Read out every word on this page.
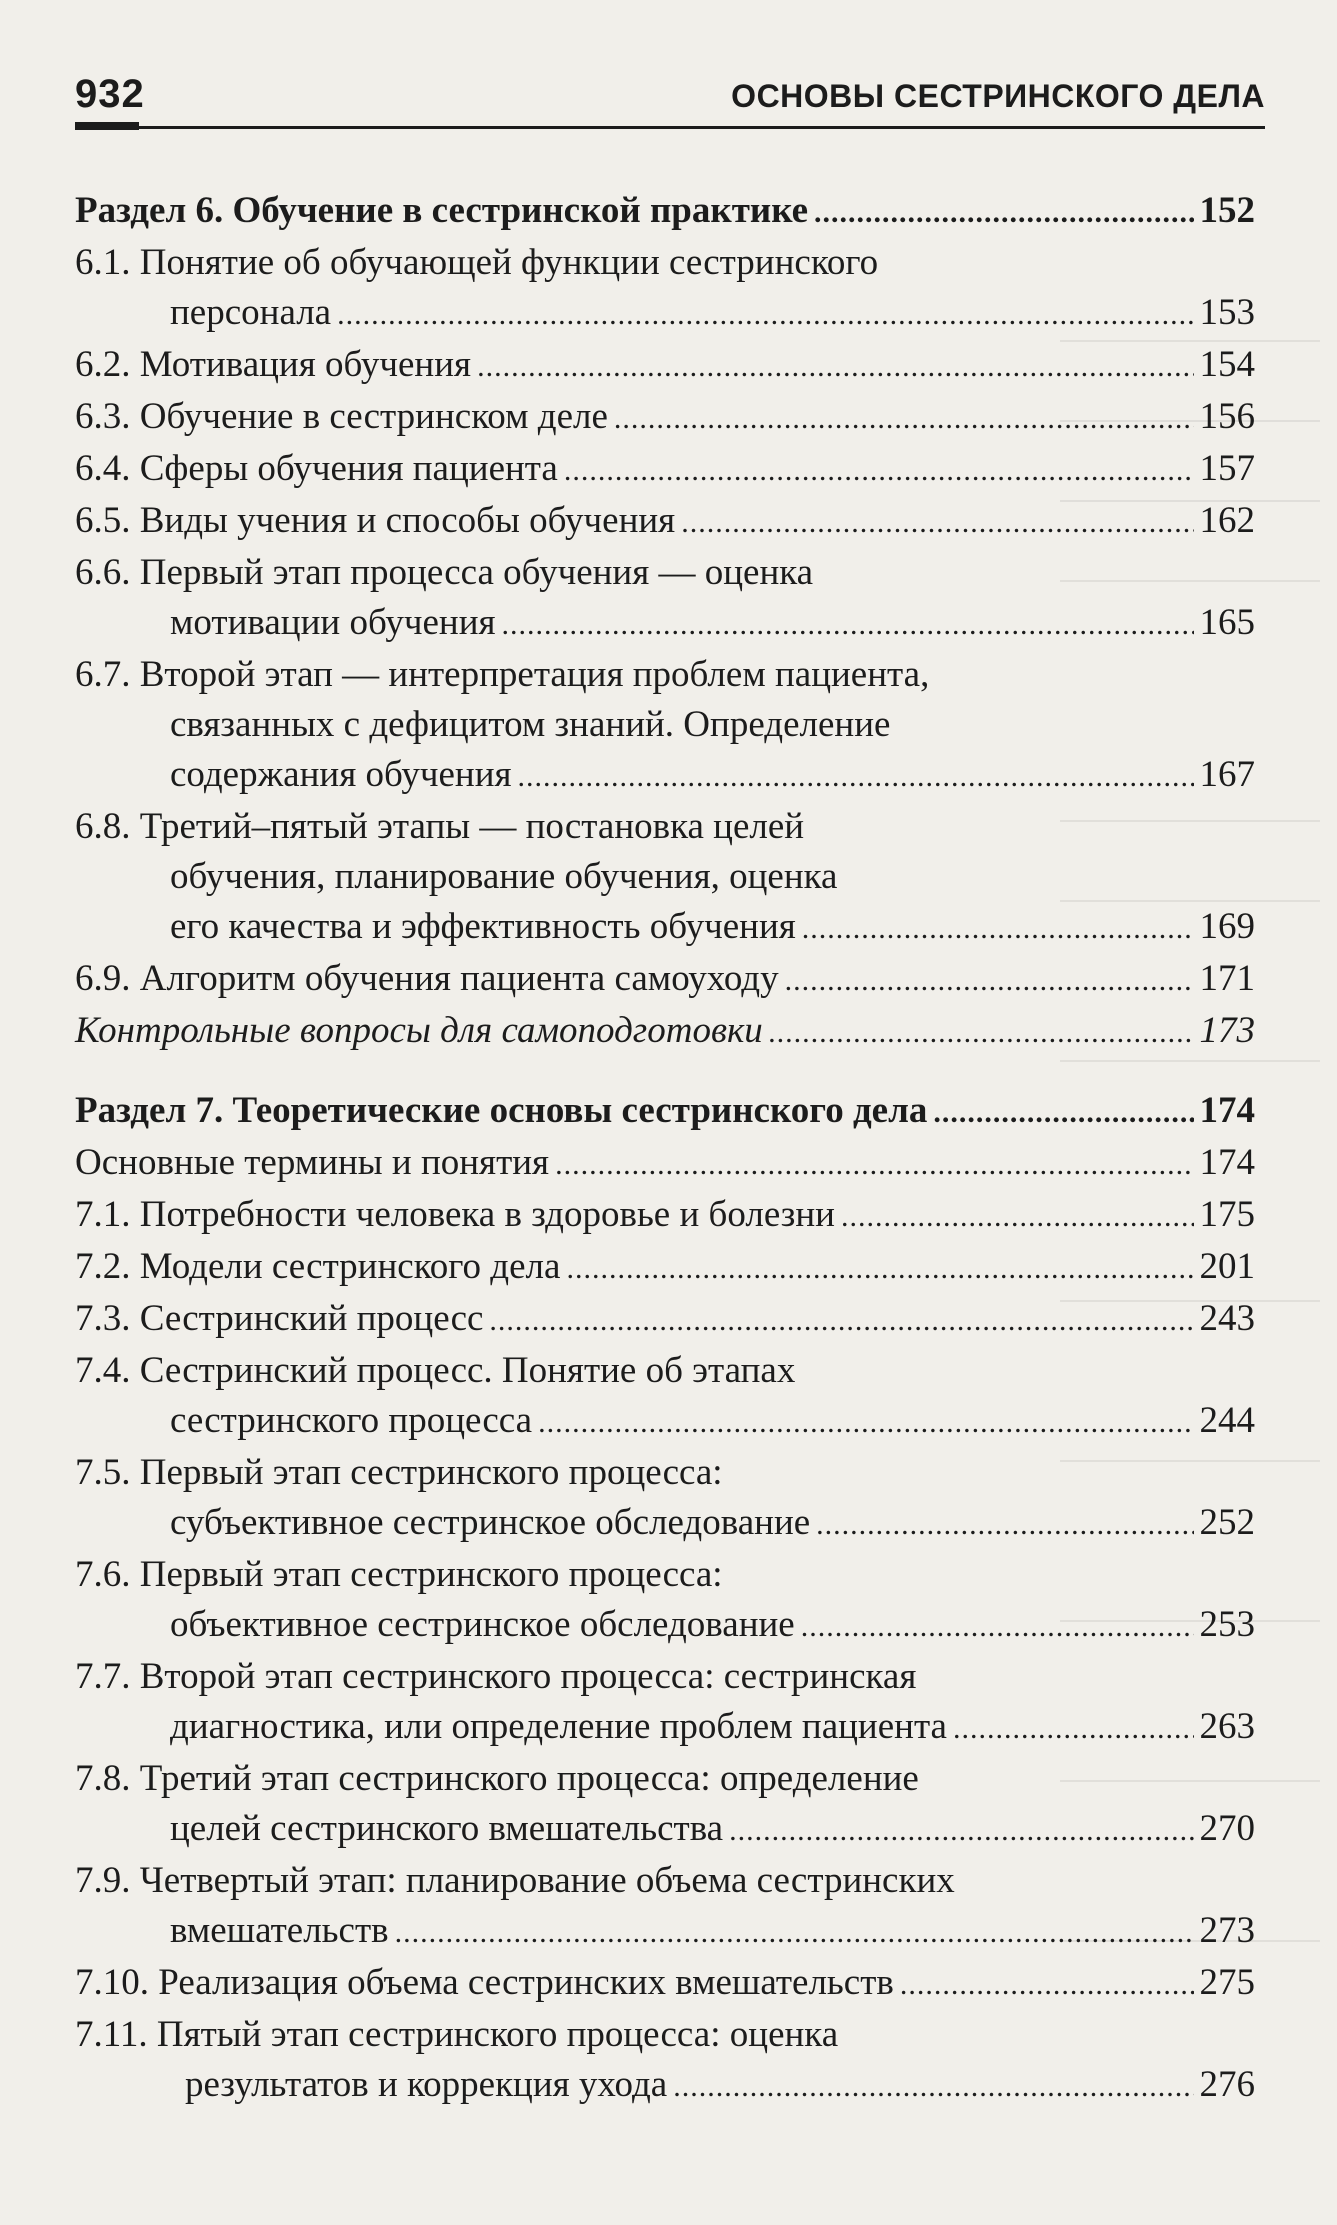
932	ОСНОВЫ СЕСТРИНСКОГО ДЕЛА
Раздел 6. Обучение в сестринской практике .....	152
6.1. Понятие об обучающей функции сестринского
персонала .....	153
6.2. Мотивация обучения .....	154
6.3. Обучение в сестринском деле .....	156
6.4. Сферы обучения пациента .....	157
6.5. Виды учения и способы обучения .....	162
6.6. Первый этап процесса обучения — оценка
мотивации обучения .....	165
6.7. Второй этап — интерпретация проблем пациента,
связанных с дефицитом знаний. Определение
содержания обучения .....	167
6.8. Третий–пятый этапы — постановка целей
обучения, планирование обучения, оценка
его качества и эффективность обучения .....	169
6.9. Алгоритм обучения пациента самоуходу .....	171
Контрольные вопросы для самоподготовки .....	173
Раздел 7. Теоретические основы сестринского дела .....	174
Основные термины и понятия .....	174
7.1. Потребности человека в здоровье и болезни .....	175
7.2. Модели сестринского дела .....	201
7.3. Сестринский процесс .....	243
7.4. Сестринский процесс. Понятие об этапах
сестринского процесса .....	244
7.5. Первый этап сестринского процесса:
субъективное сестринское обследование .....	252
7.6. Первый этап сестринского процесса:
объективное сестринское обследование .....	253
7.7. Второй этап сестринского процесса: сестринская
диагностика, или определение проблем пациента .....	263
7.8. Третий этап сестринского процесса: определение
целей сестринского вмешательства .....	270
7.9. Четвертый этап: планирование объема сестринских
вмешательств .....	273
7.10. Реализация объема сестринских вмешательств .....	275
7.11. Пятый этап сестринского процесса: оценка
результатов и коррекция ухода .....	276
